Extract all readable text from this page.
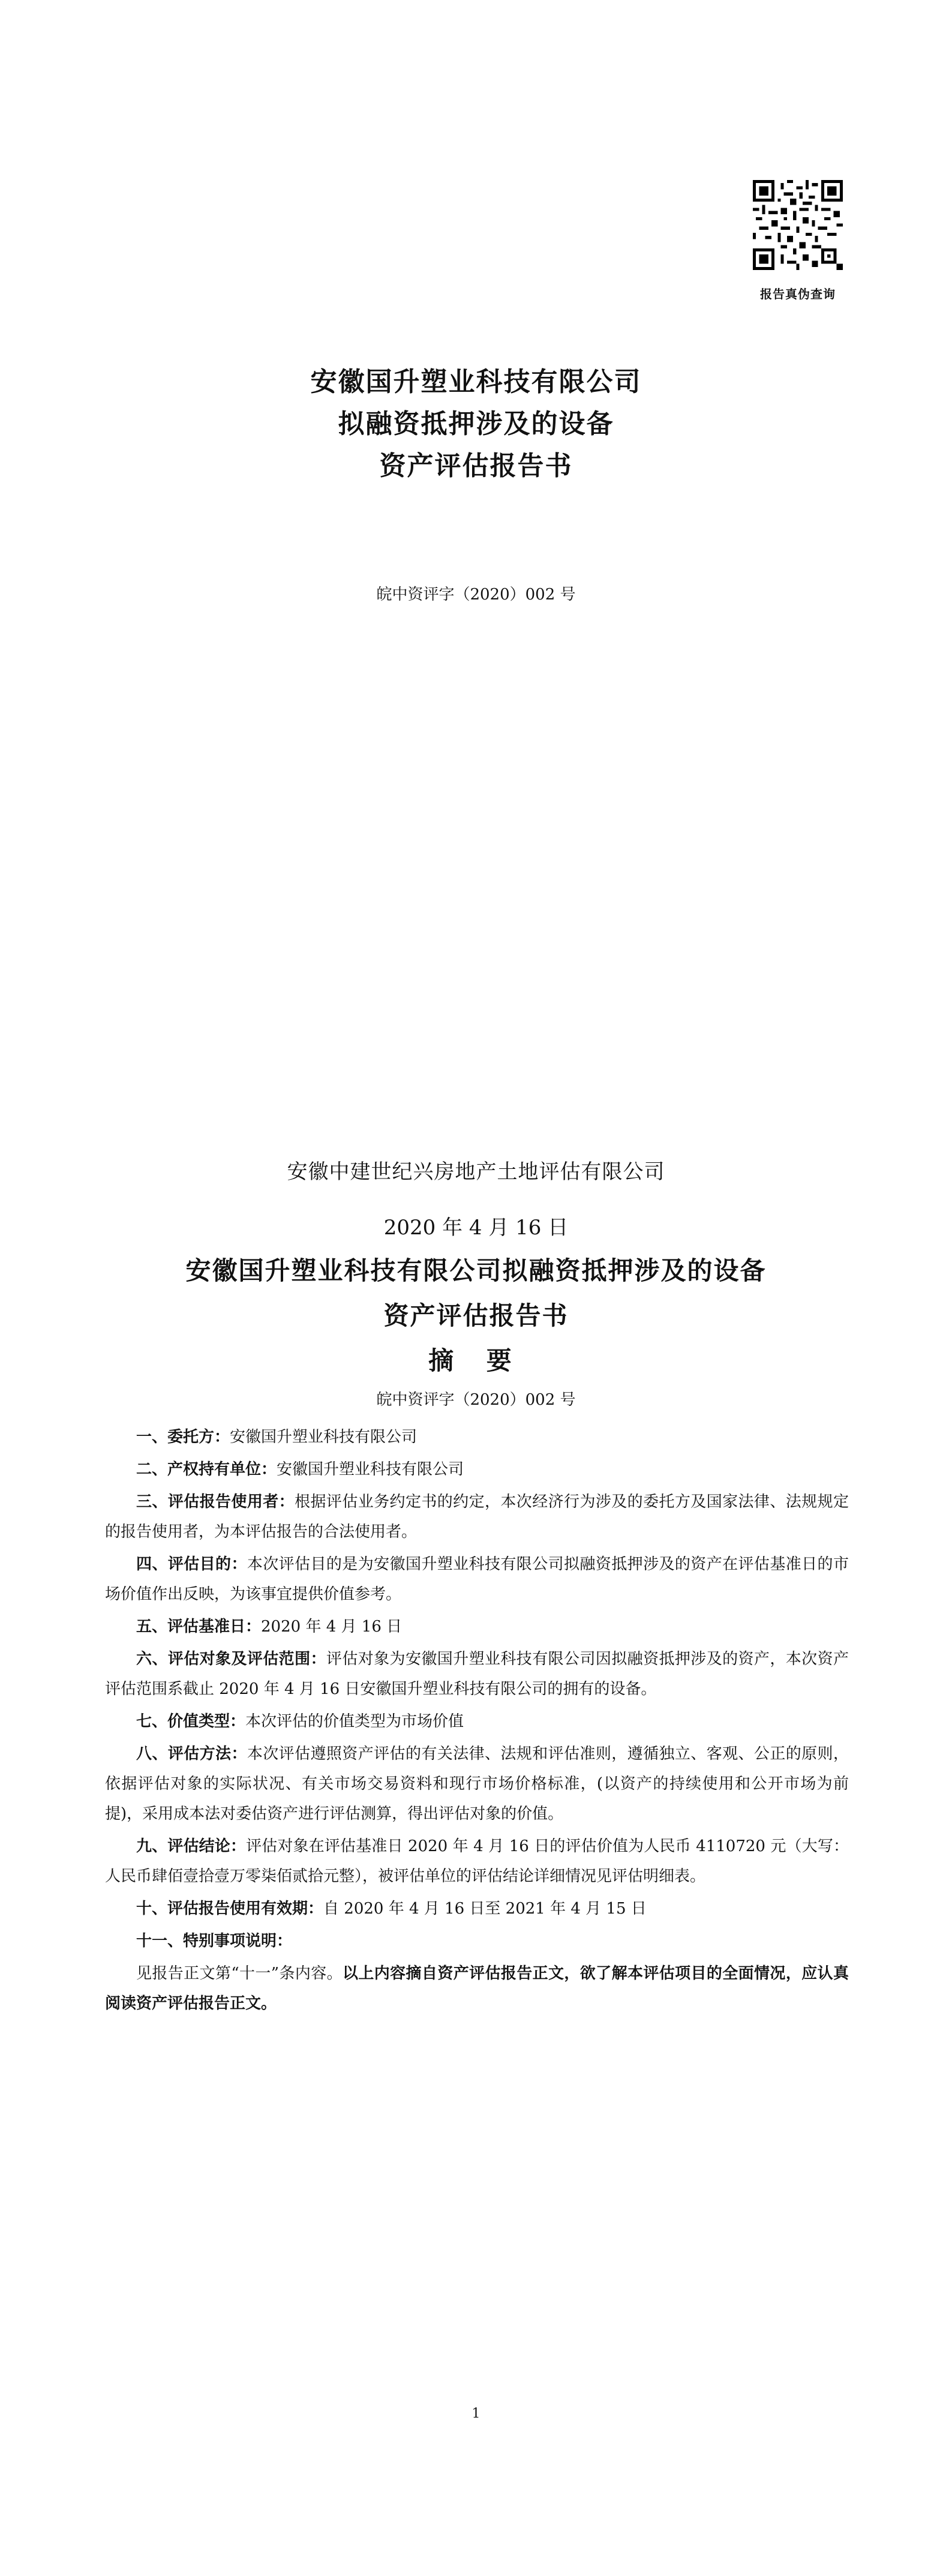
报告真伪查询
安徽国升塑业科技有限公司
拟融资抵押涉及的设备
资产评估报告书
皖中资评字（2020）002 号
安徽中建世纪兴房地产土地评估有限公司
2020 年 4 月 16 日
安徽国升塑业科技有限公司拟融资抵押涉及的设备
资产评估报告书
摘 要
皖中资评字（2020）002 号

一、委托方：安徽国升塑业科技有限公司

二、产权持有单位：安徽国升塑业科技有限公司

三、评估报告使用者：根据评估业务约定书的约定，本次经济行为涉及的委托方及国家法律、法规规定的报告使用者，为本评估报告的合法使用者。

四、评估目的：本次评估目的是为安徽国升塑业科技有限公司拟融资抵押涉及的资产在评估基准日的市场价值作出反映，为该事宜提供价值参考。

五、评估基准日：2020 年 4 月 16 日

六、评估对象及评估范围：评估对象为安徽国升塑业科技有限公司因拟融资抵押涉及的资产，本次资产评估范围系截止 2020 年 4 月 16 日安徽国升塑业科技有限公司的拥有的设备。

七、价值类型：本次评估的价值类型为市场价值

八、评估方法：本次评估遵照资产评估的有关法律、法规和评估准则，遵循独立、客观、公正的原则，依据评估对象的实际状况、有关市场交易资料和现行市场价格标准，(以资产的持续使用和公开市场为前提)，采用成本法对委估资产进行评估测算，得出评估对象的价值。

九、评估结论：评估对象在评估基准日 2020 年 4 月 16 日的评估价值为人民币 4110720 元（大写：人民币肆佰壹拾壹万零柒佰贰拾元整），被评估单位的评估结论详细情况见评估明细表。

十、评估报告使用有效期：自 2020 年 4 月 16 日至 2021 年 4 月 15 日

十一、特别事项说明：

见报告正文第“十一”条内容。以上内容摘自资产评估报告正文，欲了解本评估项目的全面情况，应认真阅读资产评估报告正文。

1
